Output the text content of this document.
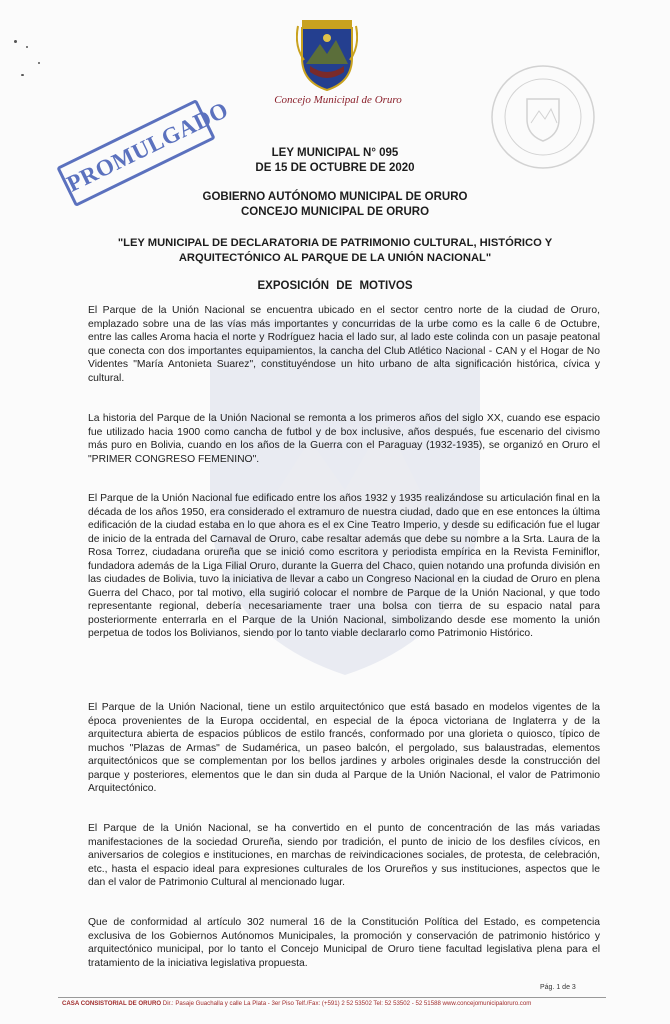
Concejo Municipal de Oruro
PROMULGADO	LEY MUNICIPAL N° 095
DE 15 DE OCTUBRE DE 2020
GOBIERNO AUTÓNOMO MUNICIPAL DE ORURO
CONCEJO MUNICIPAL DE ORURO
"LEY MUNICIPAL DE DECLARATORIA DE PATRIMONIO CULTURAL, HISTÓRICO Y
ARQUITECTÓNICO AL PARQUE DE LA UNIÓN NACIONAL"
EXPOSICIÓN DE MOTIVOS

El Parque de la Unión Nacional se encuentra ubicado en el sector centro norte de la ciudad de Oruro, emplazado sobre una de las vías más importantes y concurridas de la urbe como es la calle 6 de Octubre, entre las calles Aroma hacia el norte y Rodríguez hacia el lado sur, al lado este colinda con un pasaje peatonal que conecta con dos importantes equipamientos, la cancha del Club Atlético Nacional - CAN y el Hogar de No Videntes "María Antonieta Suarez", constituyéndose un hito urbano de alta significación histórica, cívica y cultural.

La historia del Parque de la Unión Nacional se remonta a los primeros años del siglo XX, cuando ese espacio fue utilizado hacia 1900 como cancha de futbol y de box inclusive, años después, fue escenario del civismo más puro en Bolivia, cuando en los años de la Guerra con el Paraguay (1932-1935), se organizó en Oruro el "PRIMER CONGRESO FEMENINO".

El Parque de la Unión Nacional fue edificado entre los años 1932 y 1935 realizándose su articulación final en la década de los años 1950, era considerado el extramuro de nuestra ciudad, dado que en ese entonces la última edificación de la ciudad estaba en lo que ahora es el ex Cine Teatro Imperio, y desde su edificación fue el lugar de inicio de la entrada del Carnaval de Oruro, cabe resaltar además que debe su nombre a la Srta. Laura de la Rosa Torrez, ciudadana orureña que se inició como escritora y periodista empírica en la Revista Feminiflor, fundadora además de la Liga Filial Oruro, durante la Guerra del Chaco, quien notando una profunda división en las ciudades de Bolivia, tuvo la iniciativa de llevar a cabo un Congreso Nacional en la ciudad de Oruro en plena Guerra del Chaco, por tal motivo, ella sugirió colocar el nombre de Parque de la Unión Nacional, y que todo representante regional, debería necesariamente traer una bolsa con tierra de su espacio natal para posteriormente enterrarla en el Parque de la Unión Nacional, simbolizando desde ese momento la unión perpetua de todos los Bolivianos, siendo por lo tanto viable declararlo como Patrimonio Histórico.

El Parque de la Unión Nacional, tiene un estilo arquitectónico que está basado en modelos vigentes de la época provenientes de la Europa occidental, en especial de la época victoriana de Inglaterra y de la arquitectura abierta de espacios públicos de estilo francés, conformado por una glorieta o quiosco, típico de muchos "Plazas de Armas" de Sudamérica, un paseo balcón, el pergolado, sus balaustradas, elementos arquitectónicos que se complementan por los bellos jardines y arboles originales desde la construcción del parque y posteriores, elementos que le dan sin duda al Parque de la Unión Nacional, el valor de Patrimonio Arquitectónico.

El Parque de la Unión Nacional, se ha convertido en el punto de concentración de las más variadas manifestaciones de la sociedad Orureña, siendo por tradición, el punto de inicio de los desfiles cívicos, en aniversarios de colegios e instituciones, en marchas de reivindicaciones sociales, de protesta, de celebración, etc., hasta el espacio ideal para expresiones culturales de los Orureños y sus instituciones, aspectos que le dan el valor de Patrimonio Cultural al mencionado lugar.

Que de conformidad al artículo 302 numeral 16 de la Constitución Política del Estado, es competencia exclusiva de los Gobiernos Autónomos Municipales, la promoción y conservación de patrimonio histórico y arquitectónico municipal, por lo tanto el Concejo Municipal de Oruro tiene facultad legislativa plena para el tratamiento de la iniciativa legislativa propuesta.

Pág. 1 de 3
CASA CONSISTORIAL DE ORURO Dir.: Pasaje Guachalla y calle La Plata - 3er Piso Telf./Fax: (+591) 2 52 53502 Tel: 52 53502 - 52 51588 www.concejomunicipaloruro.com
